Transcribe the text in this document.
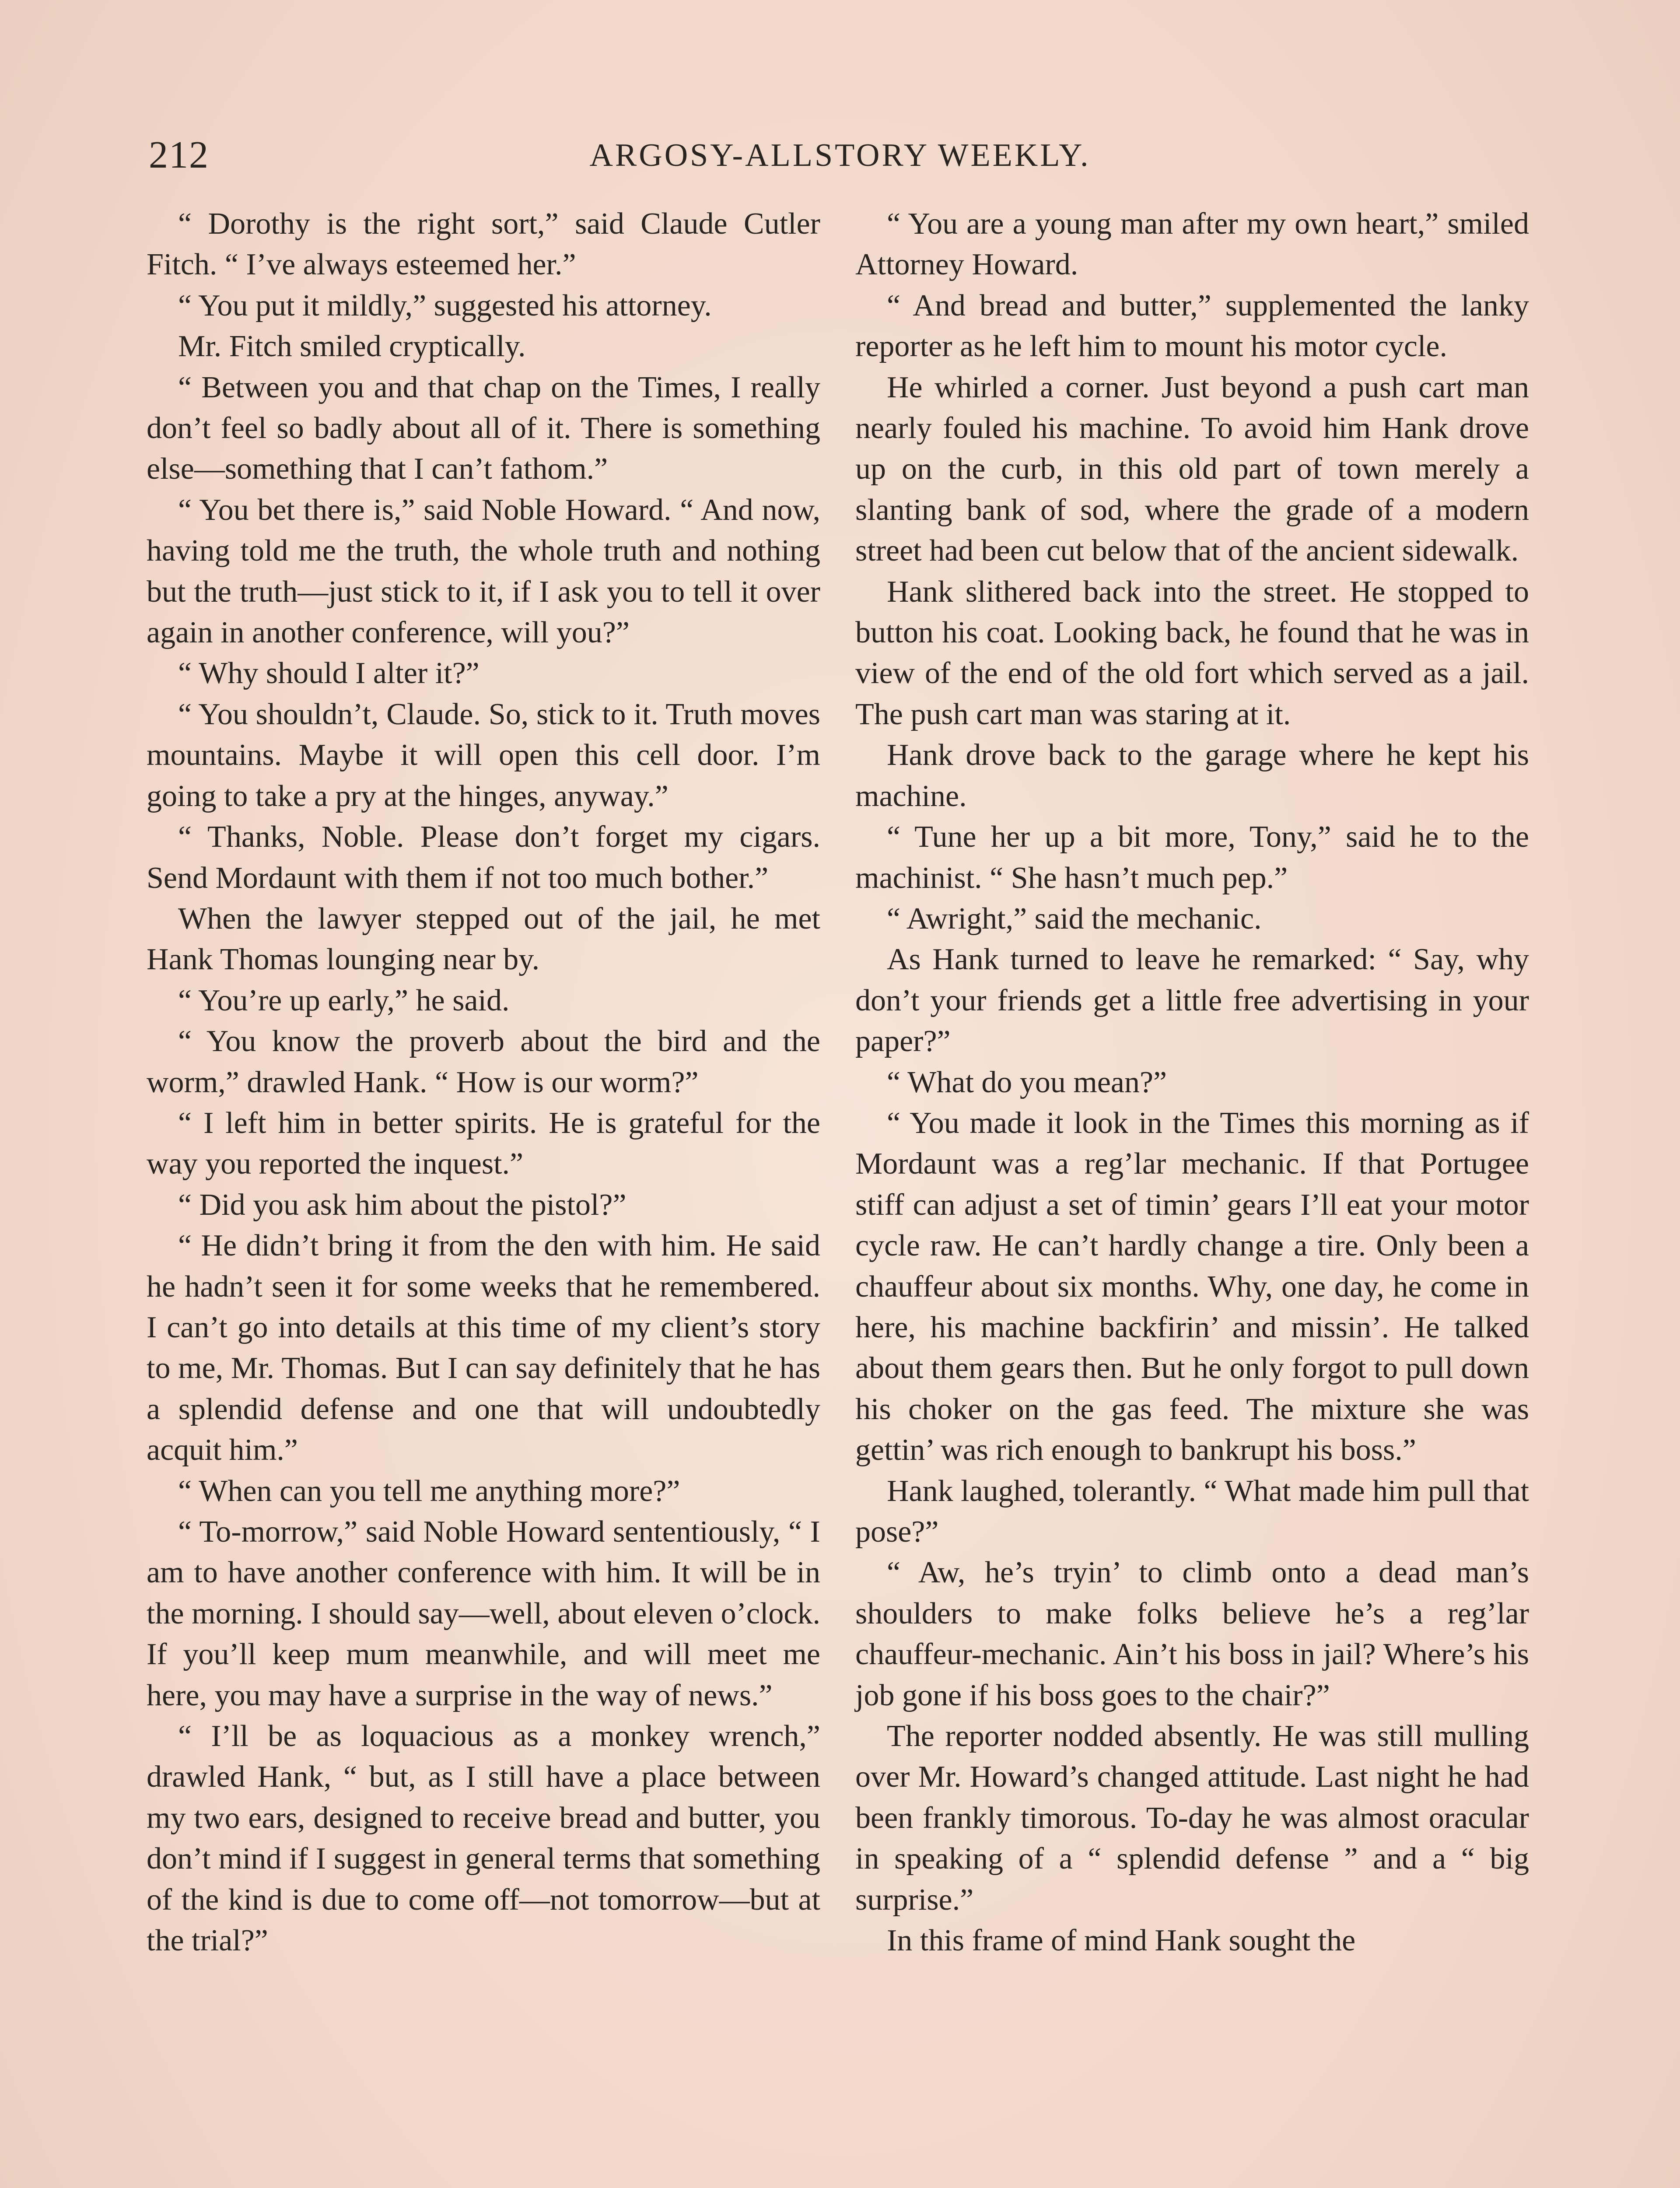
212	ARGOSY-ALLSTORY WEEKLY.

“ Dorothy is the right sort,” said Claude Cutler Fitch. “ I’ve always esteemed her.”

“ You put it mildly,” suggested his attorney.

Mr. Fitch smiled cryptically.

“ Between you and that chap on the Times, I really don’t feel so badly about all of it. There is something else—something that I can’t fathom.”

“ You bet there is,” said Noble Howard. “ And now, having told me the truth, the whole truth and nothing but the truth—just stick to it, if I ask you to tell it over again in another conference, will you?”

“ Why should I alter it?”

“ You shouldn’t, Claude. So, stick to it. Truth moves mountains. Maybe it will open this cell door. I’m going to take a pry at the hinges, anyway.”

“ Thanks, Noble. Please don’t forget my cigars. Send Mordaunt with them if not too much bother.”

When the lawyer stepped out of the jail, he met Hank Thomas lounging near by.

“ You’re up early,” he said.

“ You know the proverb about the bird and the worm,” drawled Hank. “ How is our worm?”

“ I left him in better spirits. He is grateful for the way you reported the inquest.”

“ Did you ask him about the pistol?”

“ He didn’t bring it from the den with him. He said he hadn’t seen it for some weeks that he remembered. I can’t go into details at this time of my client’s story to me, Mr. Thomas. But I can say definitely that he has a splendid defense and one that will undoubtedly acquit him.”

“ When can you tell me anything more?”

“ To-morrow,” said Noble Howard sententiously, “ I am to have another conference with him. It will be in the morning. I should say—well, about eleven o’clock. If you’ll keep mum meanwhile, and will meet me here, you may have a surprise in the way of news.”

“ I’ll be as loquacious as a monkey wrench,” drawled Hank, “ but, as I still have a place between my two ears, designed to receive bread and butter, you don’t mind if I suggest in general terms that something of the kind is due to come off—not tomorrow—but at the trial?”

“ You are a young man after my own heart,” smiled Attorney Howard.

“ And bread and butter,” supplemented the lanky reporter as he left him to mount his motor cycle.

He whirled a corner. Just beyond a push cart man nearly fouled his machine. To avoid him Hank drove up on the curb, in this old part of town merely a slanting bank of sod, where the grade of a modern street had been cut below that of the ancient sidewalk.

Hank slithered back into the street. He stopped to button his coat. Looking back, he found that he was in view of the end of the old fort which served as a jail. The push cart man was staring at it.

Hank drove back to the garage where he kept his machine.

“ Tune her up a bit more, Tony,” said he to the machinist. “ She hasn’t much pep.”

“ Awright,” said the mechanic.

As Hank turned to leave he remarked: “ Say, why don’t your friends get a little free advertising in your paper?”

“ What do you mean?”

“ You made it look in the Times this morning as if Mordaunt was a reg’lar mechanic. If that Portugee stiff can adjust a set of timin’ gears I’ll eat your motor cycle raw. He can’t hardly change a tire. Only been a chauffeur about six months. Why, one day, he come in here, his machine backfirin’ and missin’. He talked about them gears then. But he only forgot to pull down his choker on the gas feed. The mixture she was gettin’ was rich enough to bankrupt his boss.”

Hank laughed, tolerantly. “ What made him pull that pose?”

“ Aw, he’s tryin’ to climb onto a dead man’s shoulders to make folks believe he’s a reg’lar chauffeur-mechanic. Ain’t his boss in jail? Where’s his job gone if his boss goes to the chair?”

The reporter nodded absently. He was still mulling over Mr. Howard’s changed attitude. Last night he had been frankly timorous. To-day he was almost oracular in speaking of a “ splendid defense ” and a “ big surprise.”

In this frame of mind Hank sought the
